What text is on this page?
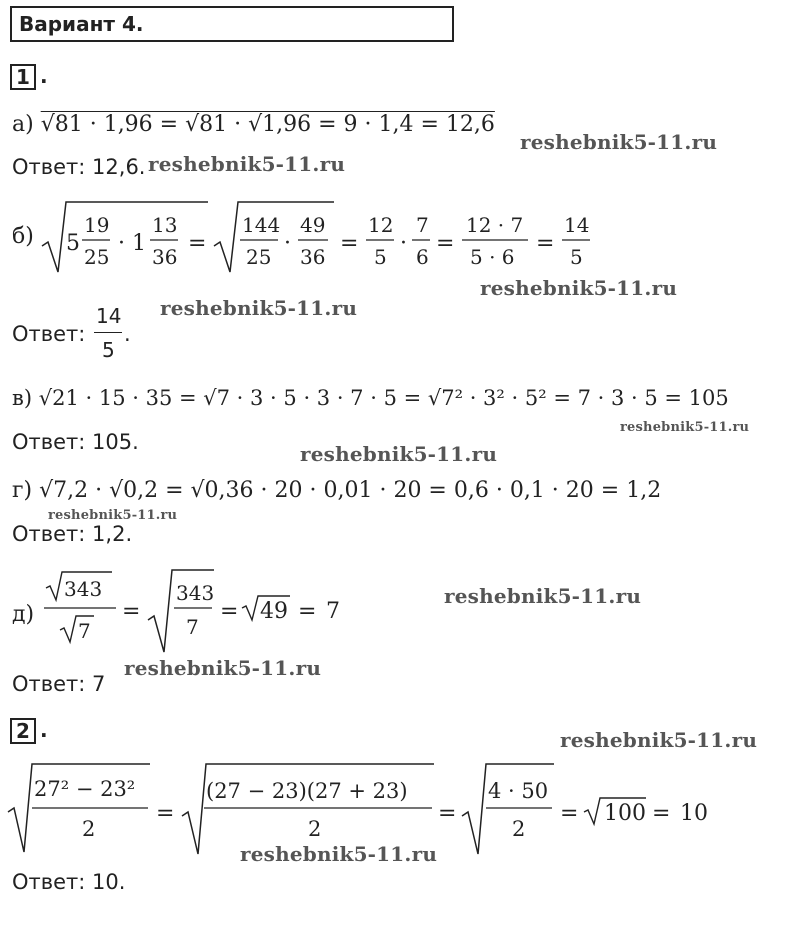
Вариант 4.
1 .
а) √81 · 1,96 = √81 · √1,96 = 9 · 1,4 = 12,6
Ответ: 12,6.
б) 5
19
25
· 1
13
36
=
144
25
·
49
36
=
12
5
·
7
6
=
12 · 7
5 · 6
=
14
5
Ответ:
14
5
.
в) √21 · 15 · 35 = √7 · 3 · 5 · 3 · 7 · 5 = √7² · 3² · 5² = 7 · 3 · 5 = 105
Ответ: 105.
г) √7,2 · √0,2 = √0,36 · 20 · 0,01 · 20 = 0,6 · 0,1 · 20 = 1,2
Ответ: 1,2.
д)
343
7
=
343
7
= 49 = 7
Ответ: 7
2 .
27² − 23²
2
=
(27 − 23)(27 + 23)
2
=
4 · 50
2
= 100 = 10
Ответ: 10.
reshebnik5-11.ru
reshebnik5-11.ru
reshebnik5-11.ru
reshebnik5-11.ru
reshebnik5-11.ru
reshebnik5-11.ru
reshebnik5-11.ru
reshebnik5-11.ru
reshebnik5-11.ru
reshebnik5-11.ru
reshebnik5-11.ru
